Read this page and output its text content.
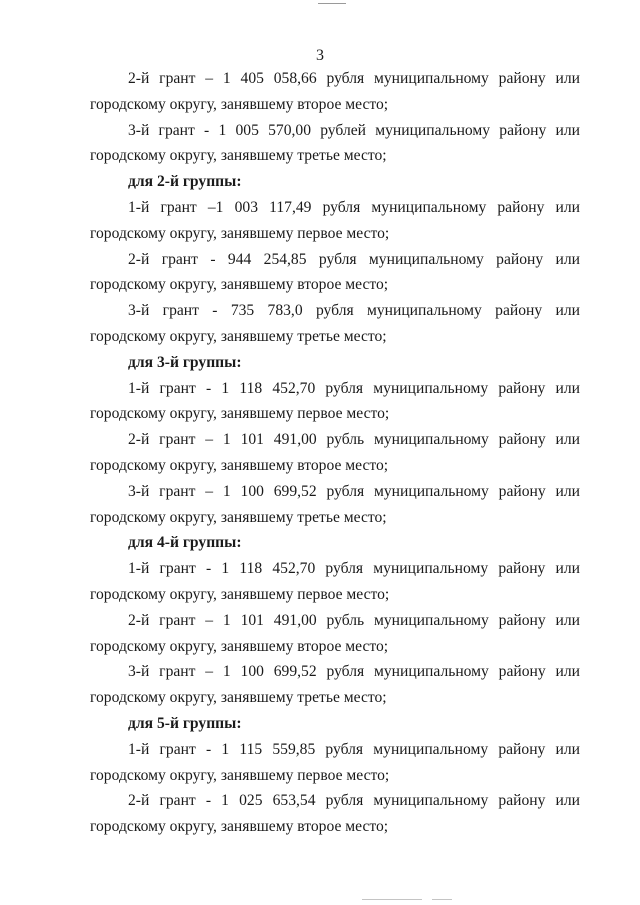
3

2-й грант – 1 405 058,66 рубля муниципальному району или городскому округу, занявшему второе место;

3-й грант - 1 005 570,00 рублей муниципальному району или городскому округу, занявшему третье место;

для 2-й группы:

1-й грант –1 003 117,49 рубля муниципальному району или городскому округу, занявшему первое место;

2-й грант - 944 254,85 рубля муниципальному району или городскому округу, занявшему второе место;

3-й грант - 735 783,0 рубля муниципальному району или городскому округу, занявшему третье место;

для 3-й группы:

1-й грант - 1 118 452,70 рубля муниципальному району или городскому округу, занявшему первое место;

2-й грант – 1 101 491,00 рубль муниципальному району или городскому округу, занявшему второе место;

3-й грант – 1 100 699,52 рубля муниципальному району или городскому округу, занявшему третье место;

для 4-й группы:

1-й грант - 1 118 452,70 рубля муниципальному району или городскому округу, занявшему первое место;

2-й грант – 1 101 491,00 рубль муниципальному району или городскому округу, занявшему второе место;

3-й грант – 1 100 699,52 рубля муниципальному району или городскому округу, занявшему третье место;

для 5-й группы:

1-й грант - 1 115 559,85 рубля муниципальному району или городскому округу, занявшему первое место;

2-й грант - 1 025 653,54 рубля муниципальному району или городскому округу, занявшему второе место;
